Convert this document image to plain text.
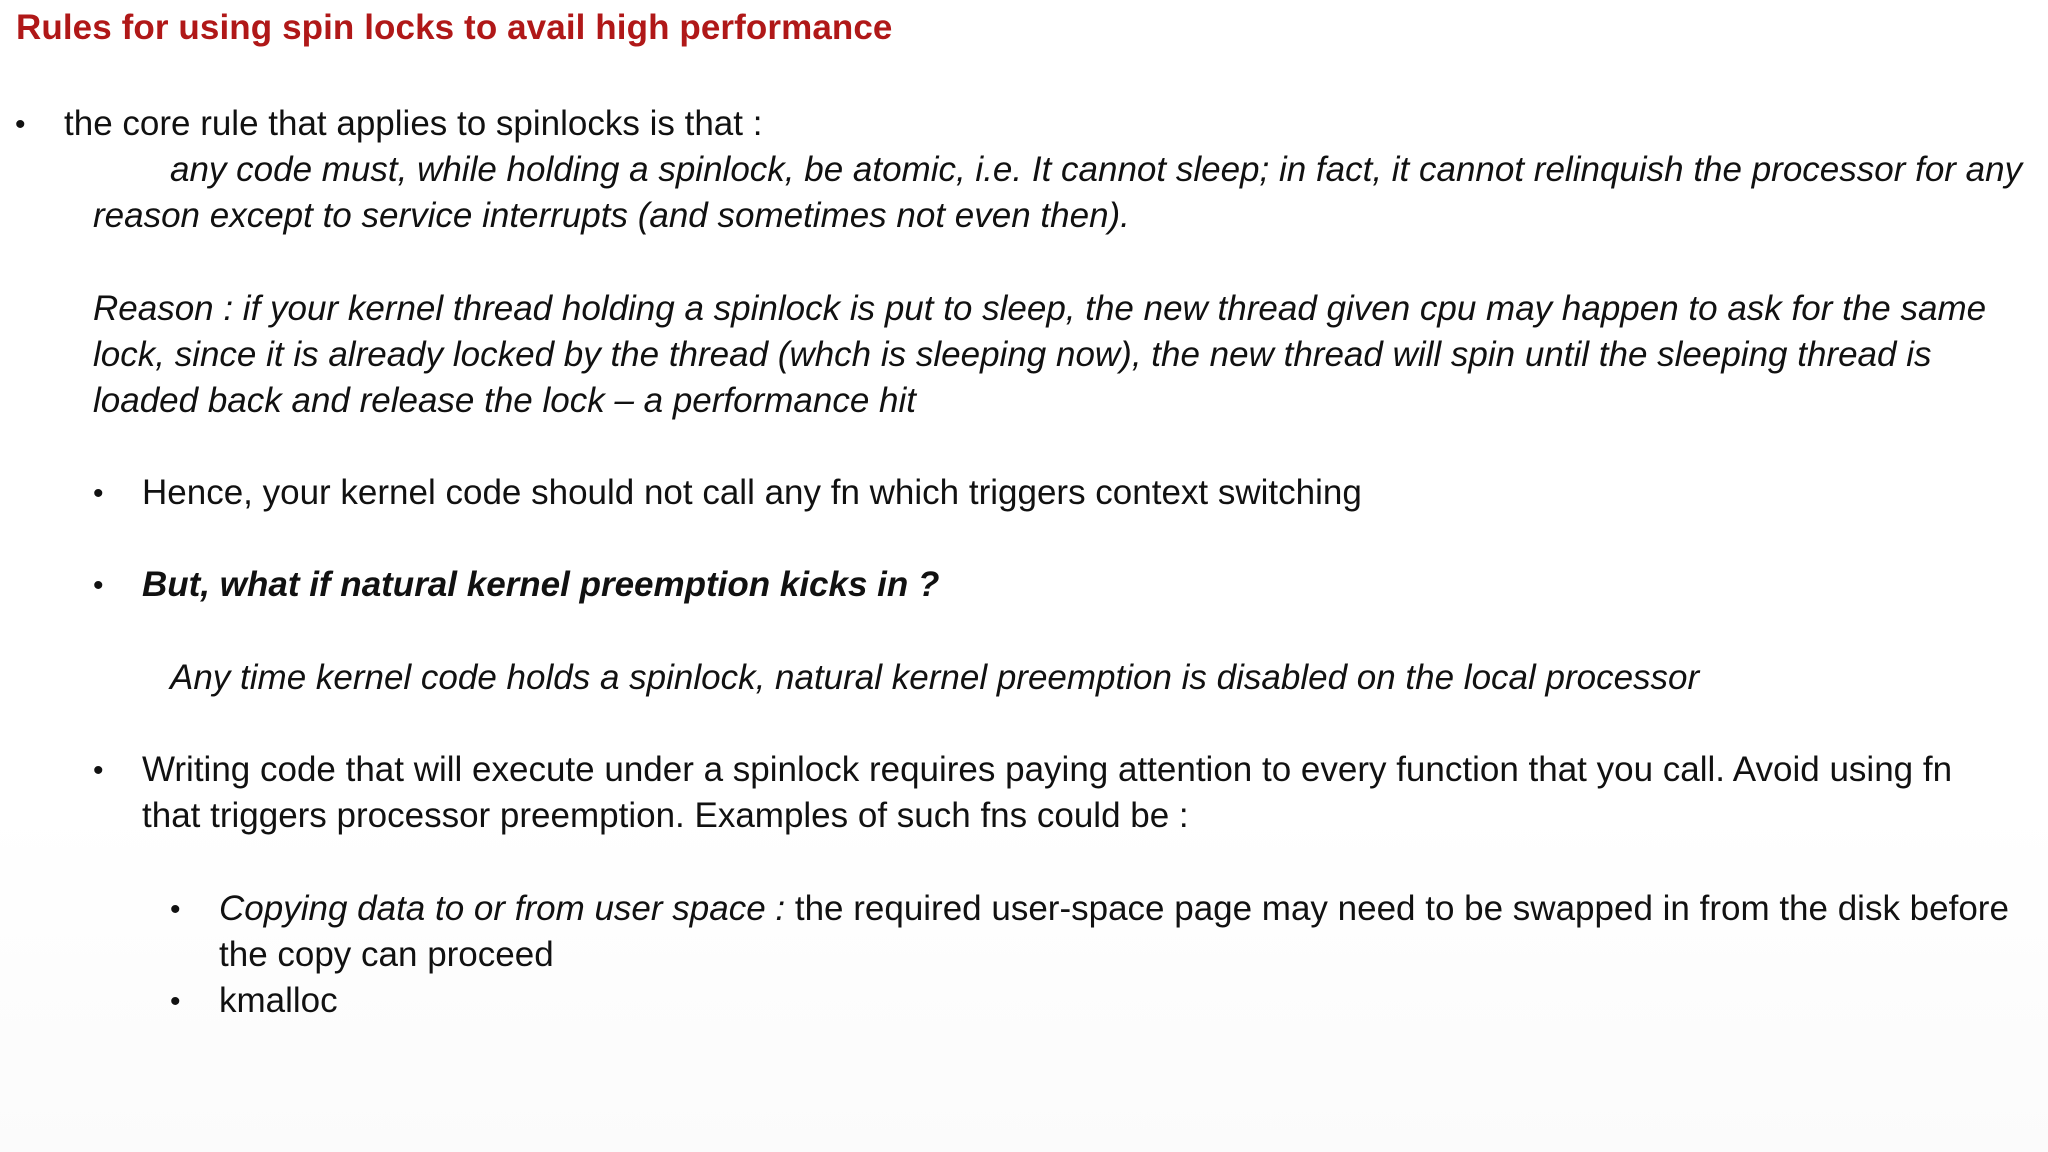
Rules for using spin locks to avail high performance
• the core rule that applies to spinlocks is that :
any code must, while holding a spinlock, be atomic, i.e. It cannot sleep; in fact, it cannot relinquish the processor for any
reason except to service interrupts (and sometimes not even then).
Reason : if your kernel thread holding a spinlock is put to sleep, the new thread given cpu may happen to ask for the same
lock, since it is already locked by the thread (whch is sleeping now), the new thread will spin until the sleeping thread is
loaded back and release the lock – a performance hit
• Hence, your kernel code should not call any fn which triggers context switching
• But, what if natural kernel preemption kicks in ?
Any time kernel code holds a spinlock, natural kernel preemption is disabled on the local processor
• Writing code that will execute under a spinlock requires paying attention to every function that you call. Avoid using fn
that triggers processor preemption. Examples of such fns could be :
• Copying data to or from user space : the required user-space page may need to be swapped in from the disk before
the copy can proceed
• kmalloc
